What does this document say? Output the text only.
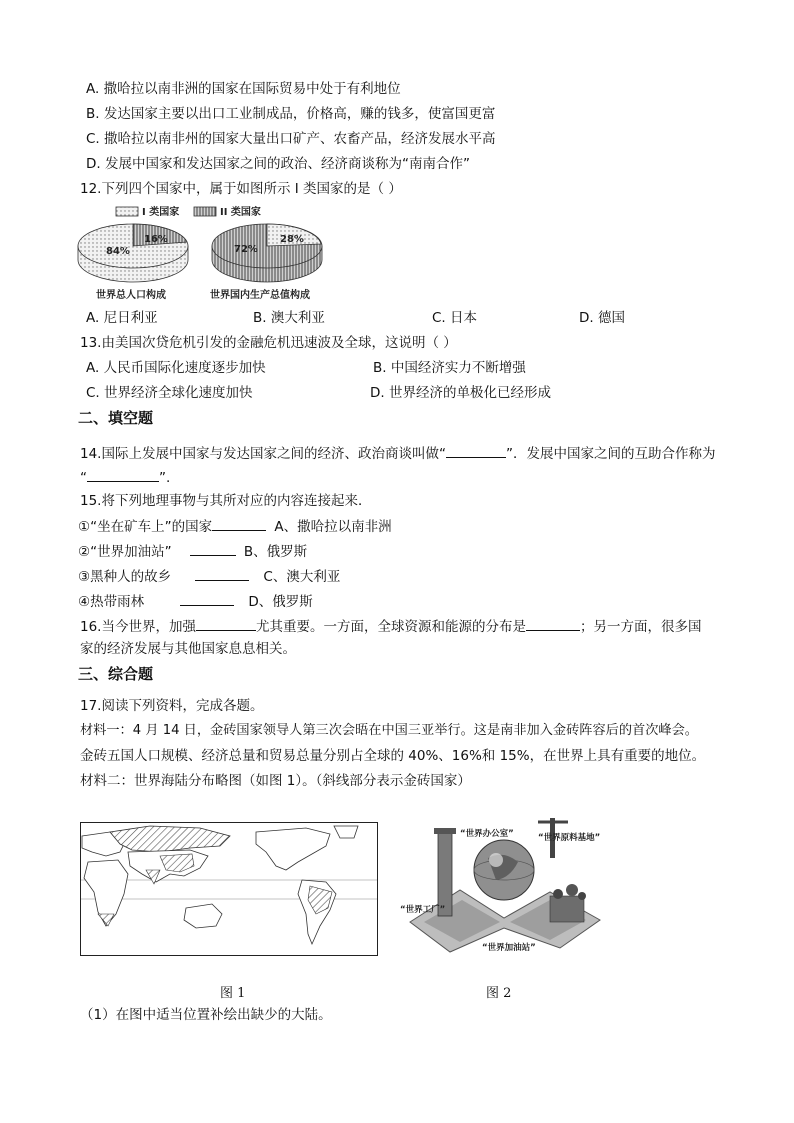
A. 撒哈拉以南非洲的国家在国际贸易中处于有利地位
B. 发达国家主要以出口工业制成品，价格高，赚的钱多，使富国更富
C. 撒哈拉以南非州的国家大量出口矿产、农畜产品，经济发展水平高
D. 发展中国家和发达国家之间的政治、经济商谈称为“南南合作”
12.下列四个国家中，属于如图所示 I 类国家的是（ ）
I 类国家	II 类国家
84%
16%
72%
28%
世界总人口构成	世界国内生产总值构成
A. 尼日利亚	B. 澳大利亚	C. 日本	D. 德国
13.由美国次贷危机引发的金融危机迅速波及全球，这说明（ ）
A. 人民币国际化速度逐步加快	B. 中国经济实力不断增强
C. 世界经济全球化速度加快	D. 世界经济的单极化已经形成
二、填空题
14.国际上发展中国家与发达国家之间的经济、政治商谈叫做“	”．发展中国家之间的互助合作称为
“	”.
15.将下列地理事物与其所对应的内容连接起来．
①“坐在矿车上”的国家	A、撒哈拉以南非洲
②“世界加油站”	B、俄罗斯
③黑种人的故乡	C、澳大利亚
④热带雨林	D、俄罗斯
16.当今世界，加强	尤其重要。一方面，全球资源和能源的分布是	；另一方面，很多国
家的经济发展与其他国家息息相关。
三、综合题
17.阅读下列资料，完成各题。
材料一：4 月 14 日，金砖国家领导人第三次会晤在中国三亚举行。这是南非加入金砖阵容后的首次峰会。
金砖五国人口规模、经济总量和贸易总量分别占全球的 40%、16%和 15%，在世界上具有重要的地位。
材料二：世界海陆分布略图（如图 1）。（斜线部分表示金砖国家）
“世界办公室”	“世界原料基地”
“世界工厂”
“世界加油站”
图 1	图 2
（1）在图中适当位置补绘出缺少的大陆。
